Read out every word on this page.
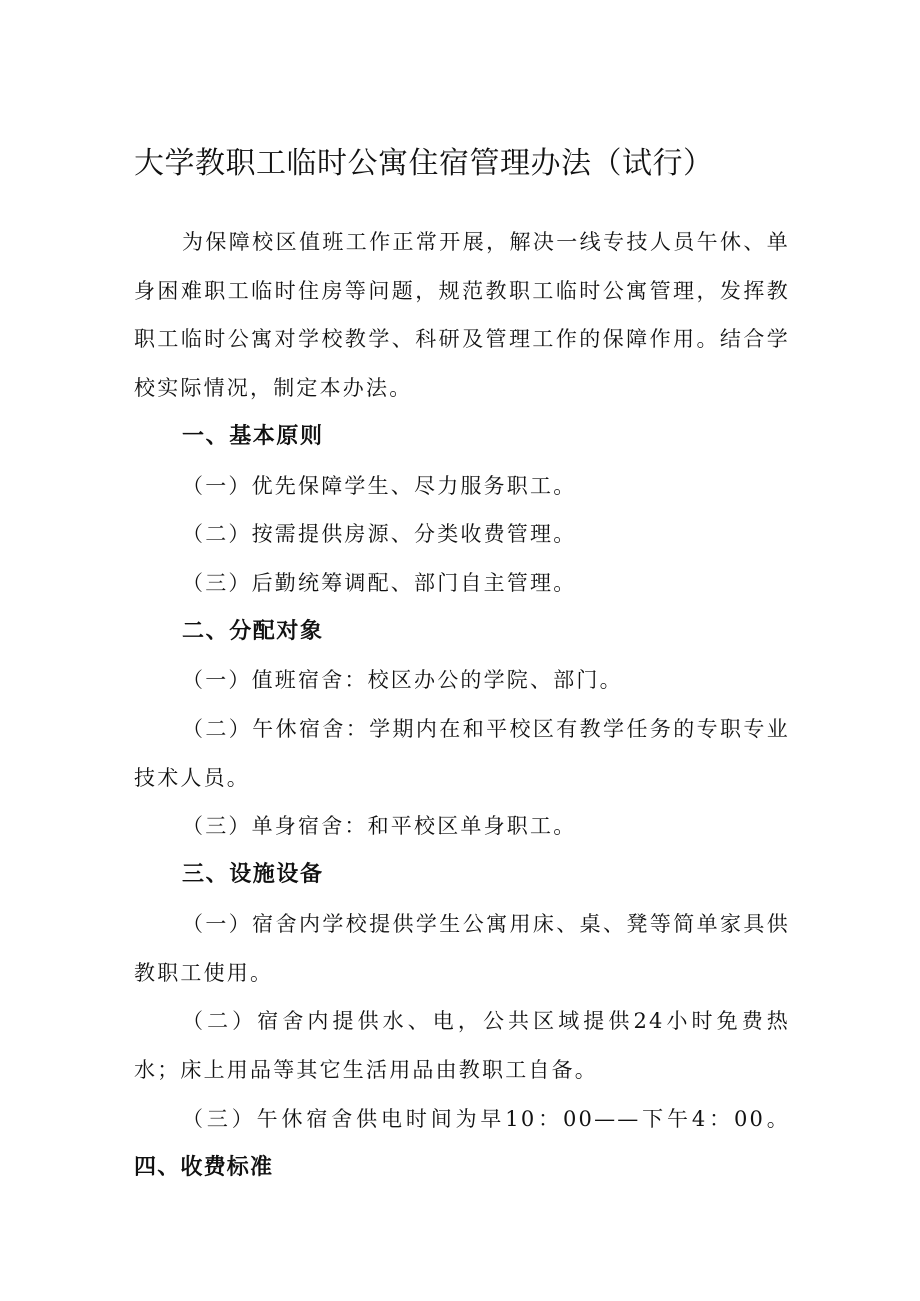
大学教职工临时公寓住宿管理办法（试行）

为保障校区值班工作正常开展，解决一线专技人员午休、单身困难职工临时住房等问题，规范教职工临时公寓管理，发挥教职工临时公寓对学校教学、科研及管理工作的保障作用。结合学校实际情况，制定本办法。

一、基本原则

（一）优先保障学生、尽力服务职工。

（二）按需提供房源、分类收费管理。

（三）后勤统筹调配、部门自主管理。

二、分配对象

（一）值班宿舍：校区办公的学院、部门。

（二）午休宿舍：学期内在和平校区有教学任务的专职专业技术人员。

（三）单身宿舍：和平校区单身职工。

三、设施设备

（一）宿舍内学校提供学生公寓用床、桌、凳等简单家具供教职工使用。

（二）宿舍内提供水、电，公共区域提供24小时免费热水；床上用品等其它生活用品由教职工自备。

（三）午休宿舍供电时间为早10：00——下午4：00。四、收费标准
